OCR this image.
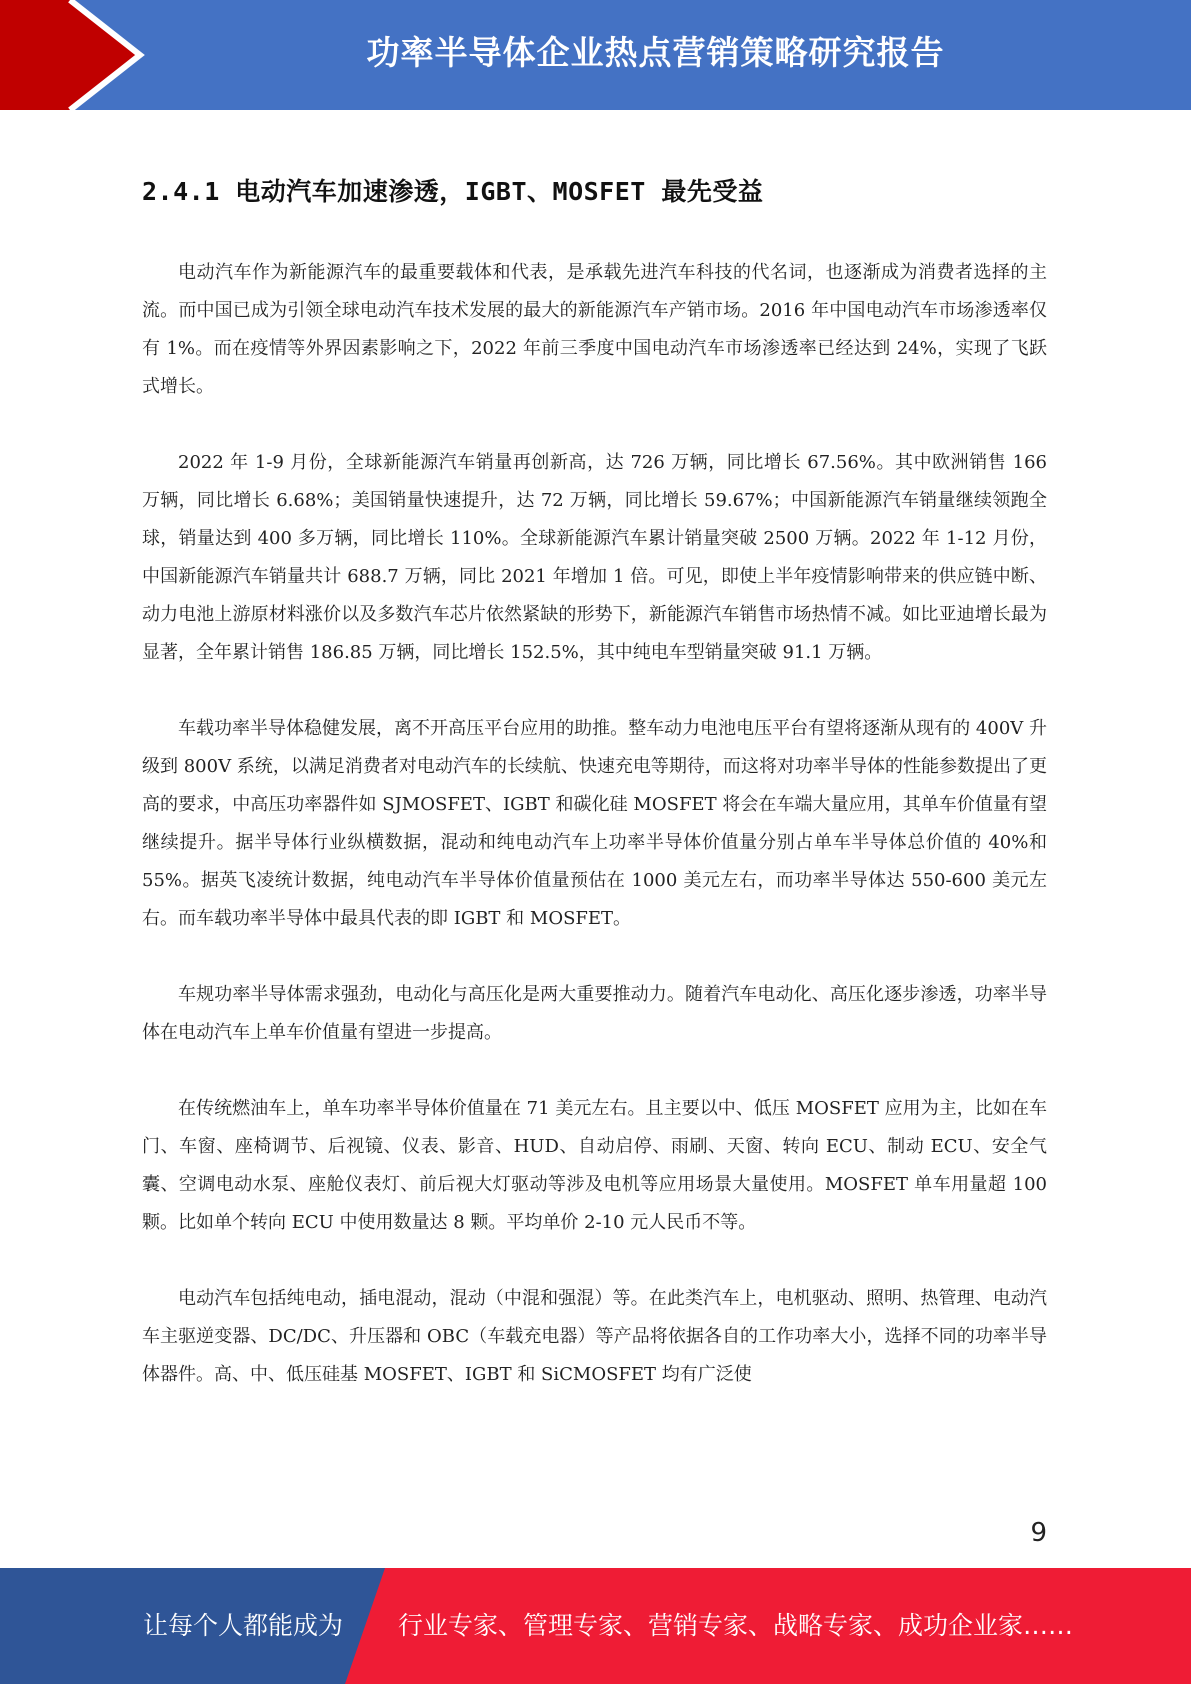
功率半导体企业热点营销策略研究报告
2.4.1 电动汽车加速渗透，IGBT、MOSFET 最先受益

电动汽车作为新能源汽车的最重要载体和代表，是承载先进汽车科技的代名词，也逐渐成为消费者选择的主流。而中国已成为引领全球电动汽车技术发展的最大的新能源汽车产销市场。2016 年中国电动汽车市场渗透率仅有 1%。而在疫情等外界因素影响之下，2022 年前三季度中国电动汽车市场渗透率已经达到 24%，实现了飞跃式增长。

2022 年 1-9 月份，全球新能源汽车销量再创新高，达 726 万辆，同比增长 67.56%。其中欧洲销售 166 万辆，同比增长 6.68%；美国销量快速提升，达 72 万辆，同比增长 59.67%；中国新能源汽车销量继续领跑全球，销量达到 400 多万辆，同比增长 110%。全球新能源汽车累计销量突破 2500 万辆。2022 年 1-12 月份，中国新能源汽车销量共计 688.7 万辆，同比 2021 年增加 1 倍。可见，即使上半年疫情影响带来的供应链中断、动力电池上游原材料涨价以及多数汽车芯片依然紧缺的形势下，新能源汽车销售市场热情不减。如比亚迪增长最为显著，全年累计销售 186.85 万辆，同比增长 152.5%，其中纯电车型销量突破 91.1 万辆。

车载功率半导体稳健发展，离不开高压平台应用的助推。整车动力电池电压平台有望将逐渐从现有的 400V 升级到 800V 系统，以满足消费者对电动汽车的长续航、快速充电等期待，而这将对功率半导体的性能参数提出了更高的要求，中高压功率器件如 SJMOSFET、IGBT 和碳化硅 MOSFET 将会在车端大量应用，其单车价值量有望继续提升。据半导体行业纵横数据，混动和纯电动汽车上功率半导体价值量分别占单车半导体总价值的 40%和 55%。据英飞凌统计数据，纯电动汽车半导体价值量预估在 1000 美元左右，而功率半导体达 550-600 美元左右。而车载功率半导体中最具代表的即 IGBT 和 MOSFET。

车规功率半导体需求强劲，电动化与高压化是两大重要推动力。随着汽车电动化、高压化逐步渗透，功率半导体在电动汽车上单车价值量有望进一步提高。

在传统燃油车上，单车功率半导体价值量在 71 美元左右。且主要以中、低压 MOSFET 应用为主，比如在车门、车窗、座椅调节、后视镜、仪表、影音、HUD、自动启停、雨刷、天窗、转向 ECU、制动 ECU、安全气囊、空调电动水泵、座舱仪表灯、前后视大灯驱动等涉及电机等应用场景大量使用。MOSFET 单车用量超 100 颗。比如单个转向 ECU 中使用数量达 8 颗。平均单价 2-10 元人民币不等。

电动汽车包括纯电动，插电混动，混动（中混和强混）等。在此类汽车上，电机驱动、照明、热管理、电动汽车主驱逆变器、DC/DC、升压器和 OBC（车载充电器）等产品将依据各自的工作功率大小，选择不同的功率半导体器件。高、中、低压硅基 MOSFET、IGBT 和 SiCMOSFET 均有广泛使

9
让每个人都能成为 行业专家、管理专家、营销专家、战略专家、成功企业家……
